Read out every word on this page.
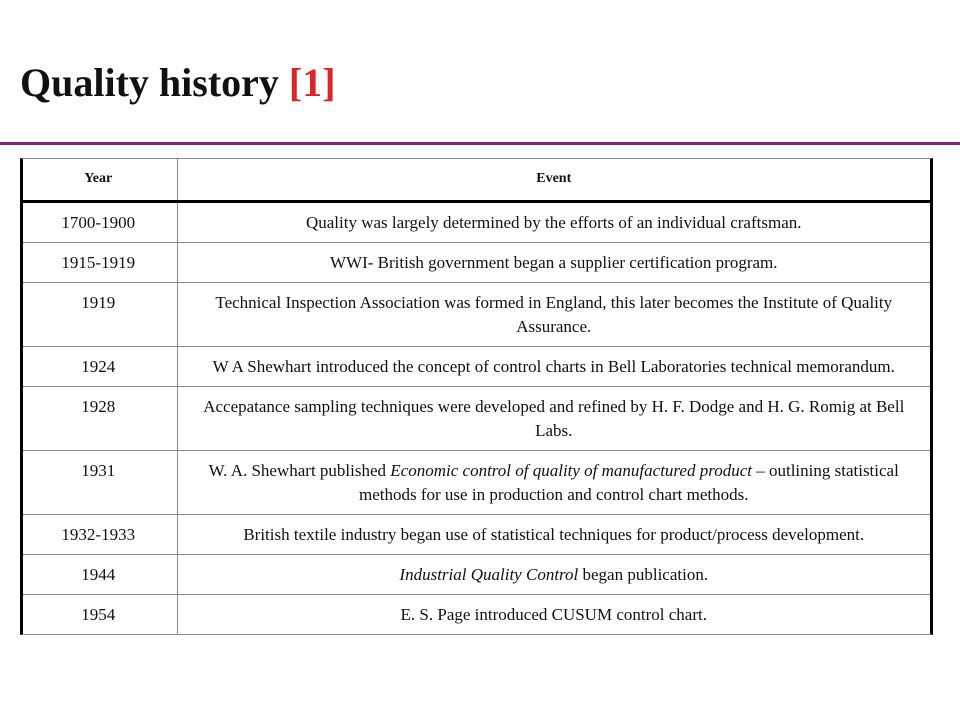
Quality history [1]
Year	Event
1700-1900	Quality was largely determined by the efforts of an individual craftsman.
1915-1919	WWI- British government began a supplier certification program.
1919	Technical Inspection Association was formed in England, this later becomes the Institute of Quality Assurance.
1924	W A Shewhart introduced the concept of control charts in Bell Laboratories technical memorandum.
1928	Accepatance sampling techniques were developed and refined by H. F. Dodge and H. G. Romig at Bell Labs.
1931	W. A. Shewhart published Economic control of quality of manufactured product – outlining statistical methods for use in production and control chart methods.
1932-1933	British textile industry began use of statistical techniques for product/process development.
1944	Industrial Quality Control began publication.
1954	E. S. Page introduced CUSUM control chart.
